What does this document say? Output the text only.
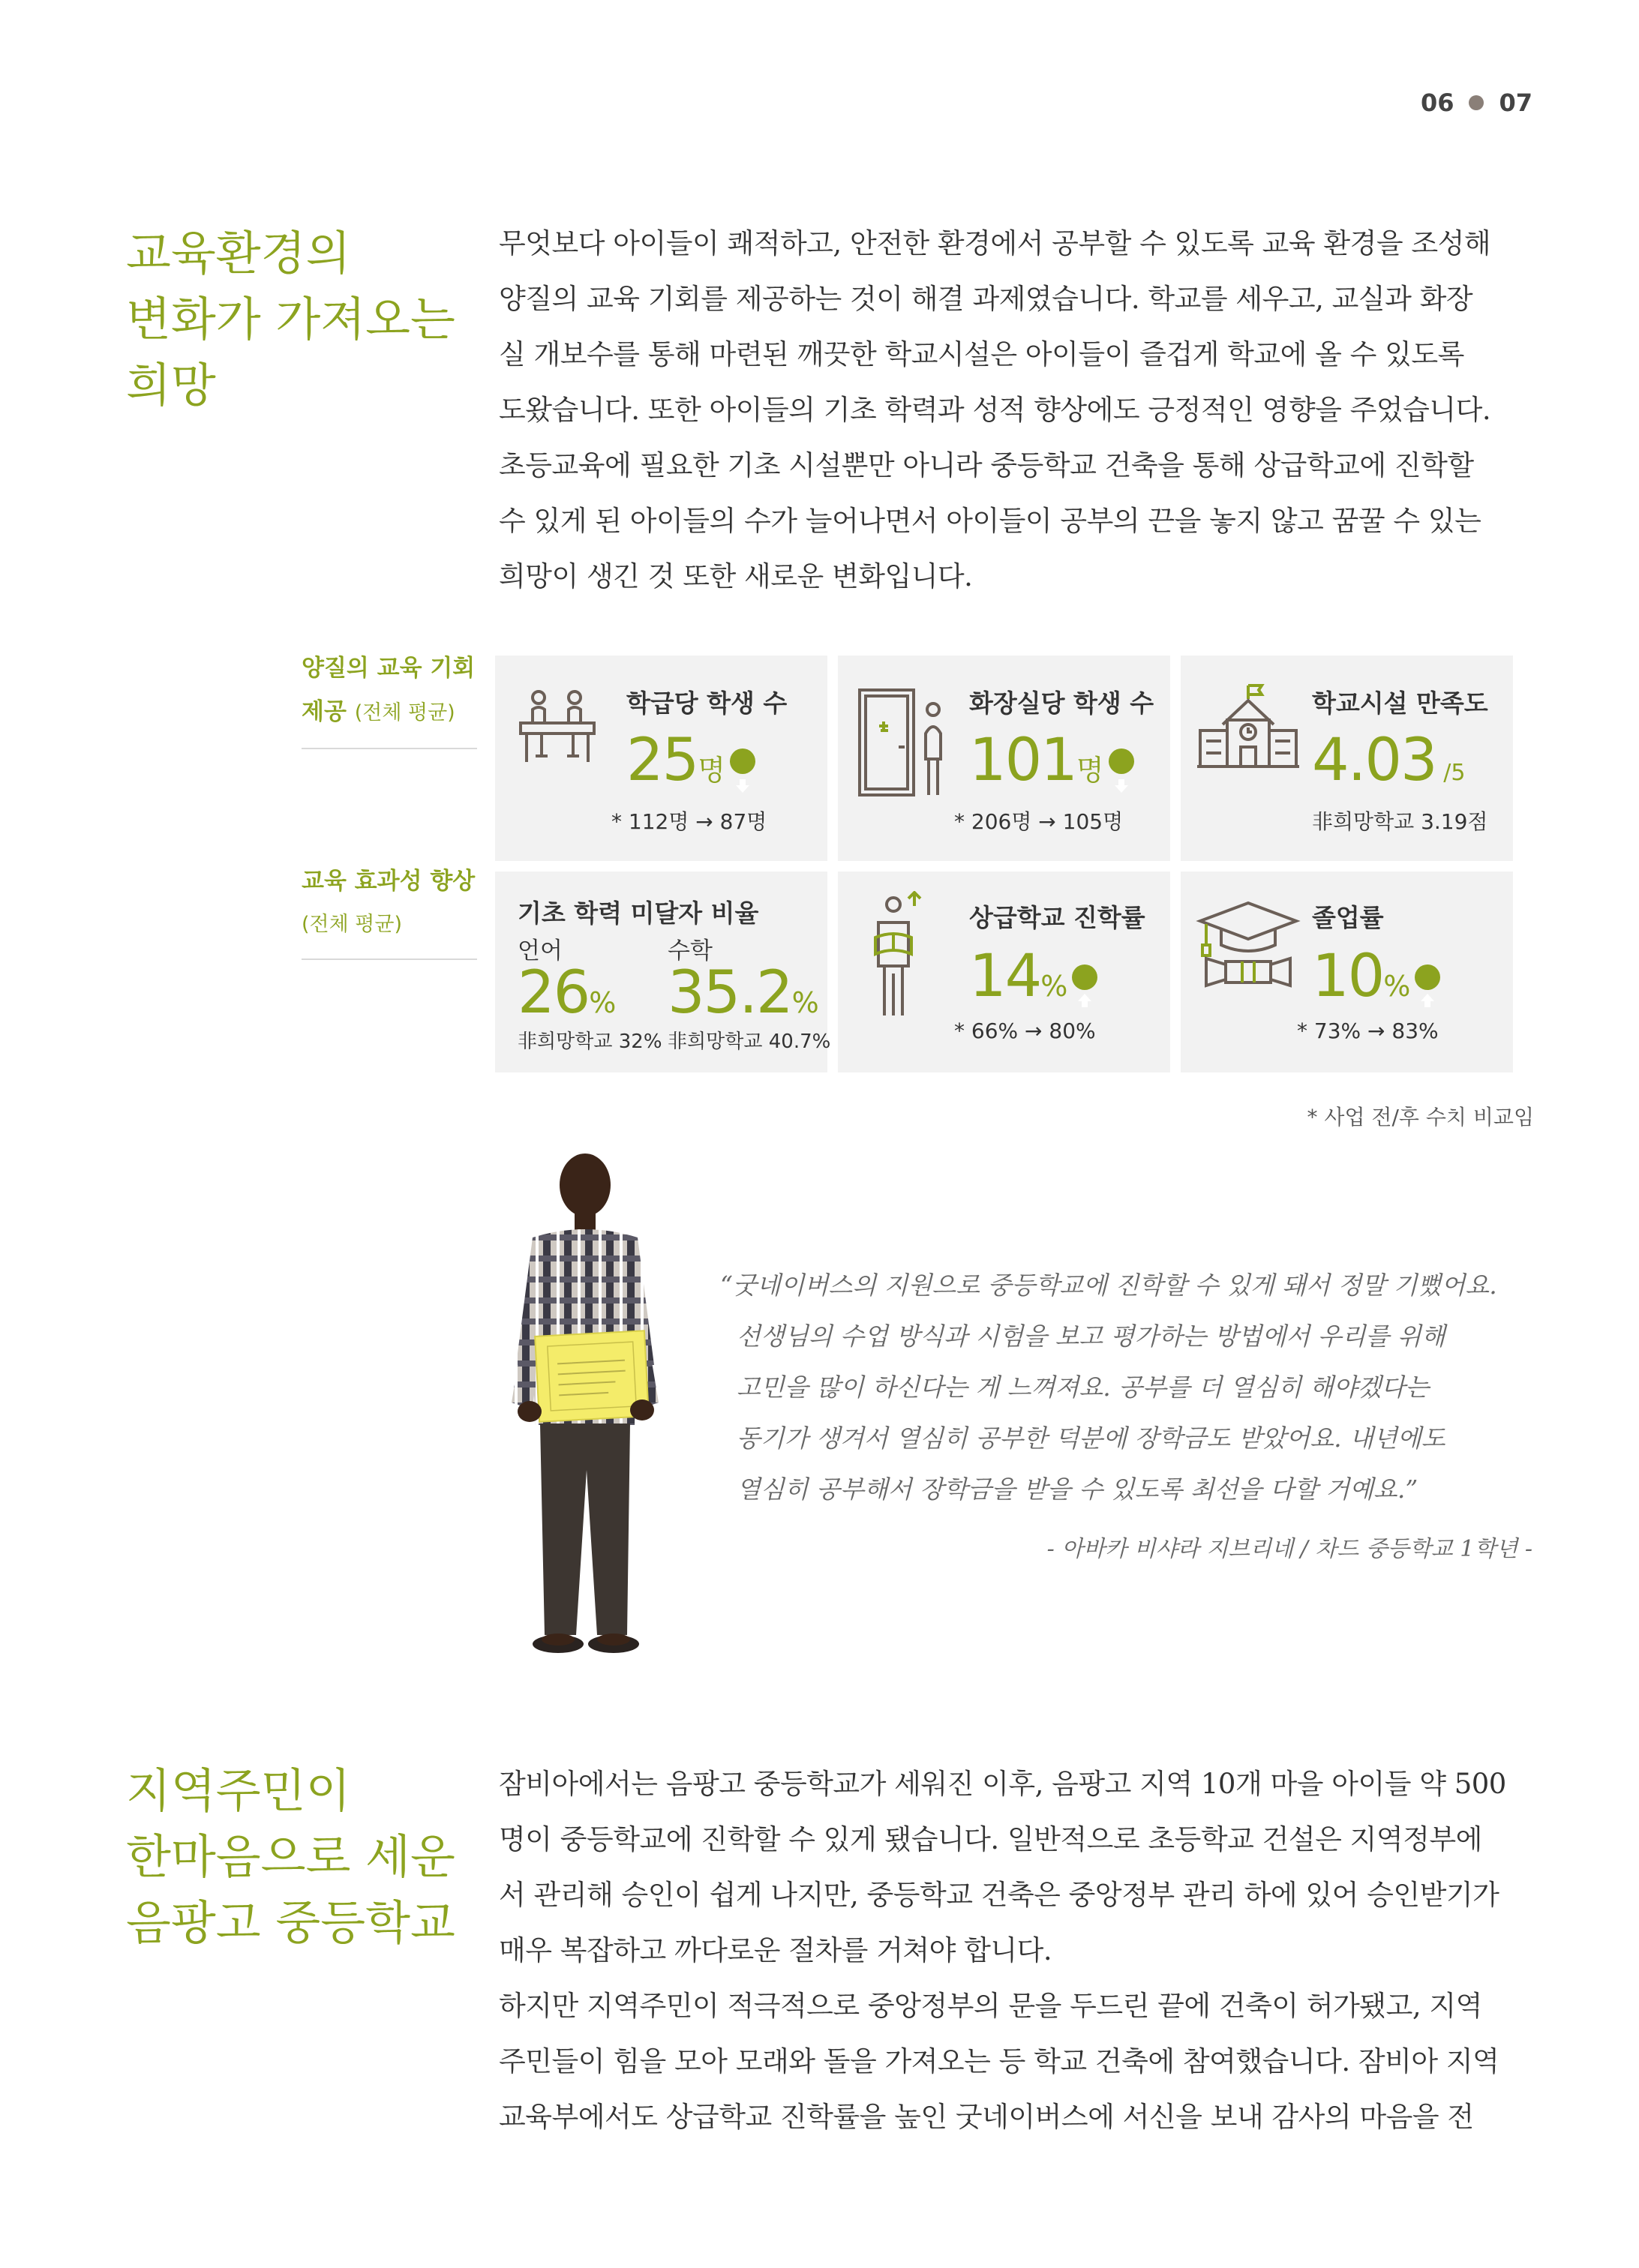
06 07
교육환경의
변화가 가져오는
희망

무엇보다 아이들이 쾌적하고, 안전한 환경에서 공부할 수 있도록 교육 환경을 조성해

양질의 교육 기회를 제공하는 것이 해결 과제였습니다. 학교를 세우고, 교실과 화장

실 개보수를 통해 마련된 깨끗한 학교시설은 아이들이 즐겁게 학교에 올 수 있도록

도왔습니다. 또한 아이들의 기초 학력과 성적 향상에도 긍정적인 영향을 주었습니다.

초등교육에 필요한 기초 시설뿐만 아니라 중등학교 건축을 통해 상급학교에 진학할

수 있게 된 아이들의 수가 늘어나면서 아이들이 공부의 끈을 놓지 않고 꿈꿀 수 있는

희망이 생긴 것 또한 새로운 변화입니다.

양질의 교육 기회
제공 (전체 평균)
교육 효과성 향상
(전체 평균)
학급당 학생 수
25명
* 112명 → 87명
화장실당 학생 수
101명
* 206명 → 105명
학교시설 만족도
4.03 /5
非희망학교 3.19점
기초 학력 미달자 비율
언어	수학
26% 35.2%
非희망학교 32% 非희망학교 40.7%
상급학교 진학률
14%
* 66% → 80%
졸업률
10%
* 73% → 83%
* 사업 전/후 수치 비교임

“굿네이버스의 지원으로 중등학교에 진학할 수 있게 돼서 정말 기뻤어요.

선생님의 수업 방식과 시험을 보고 평가하는 방법에서 우리를 위해

고민을 많이 하신다는 게 느껴져요. 공부를 더 열심히 해야겠다는

동기가 생겨서 열심히 공부한 덕분에 장학금도 받았어요. 내년에도

열심히 공부해서 장학금을 받을 수 있도록 최선을 다할 거예요.”

- 아바카 비샤라 지브리네 / 차드 중등학교 1학년 -
지역주민이
한마음으로 세운
음팡고 중등학교

잠비아에서는 음팡고 중등학교가 세워진 이후, 음팡고 지역 10개 마을 아이들 약 500

명이 중등학교에 진학할 수 있게 됐습니다. 일반적으로 초등학교 건설은 지역정부에

서 관리해 승인이 쉽게 나지만, 중등학교 건축은 중앙정부 관리 하에 있어 승인받기가

매우 복잡하고 까다로운 절차를 거쳐야 합니다.

하지만 지역주민이 적극적으로 중앙정부의 문을 두드린 끝에 건축이 허가됐고, 지역

주민들이 힘을 모아 모래와 돌을 가져오는 등 학교 건축에 참여했습니다. 잠비아 지역

교육부에서도 상급학교 진학률을 높인 굿네이버스에 서신을 보내 감사의 마음을 전
